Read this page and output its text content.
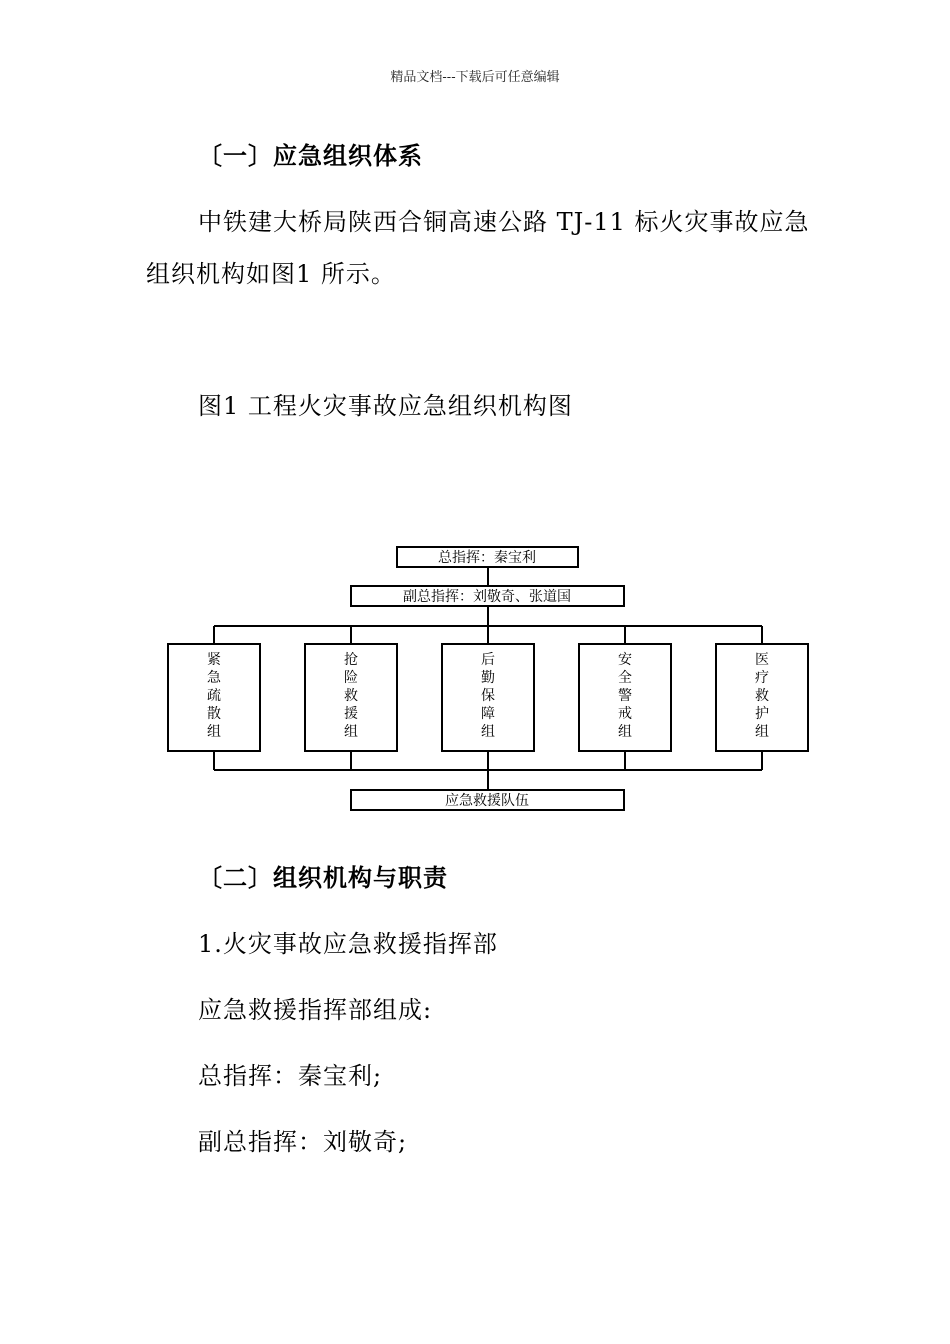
精品文档---下载后可任意编辑
〔一〕应急组织体系
中铁建大桥局陕西合铜高速公路 TJ-11 标火灾事故应急
组织机构如图1 所示。
图1 工程火灾事故应急组织机构图
总指挥：秦宝利
副总指挥：刘敬奇、张道国
紧
急
疏
散
组
抢
险
救
援
组
后
勤
保
障
组
安
全
警
戒
组
医
疗
救
护
组
应急救援队伍
〔二〕组织机构与职责
1.火灾事故应急救援指挥部
应急救援指挥部组成:
总指挥：秦宝利;
副总指挥：刘敬奇;
